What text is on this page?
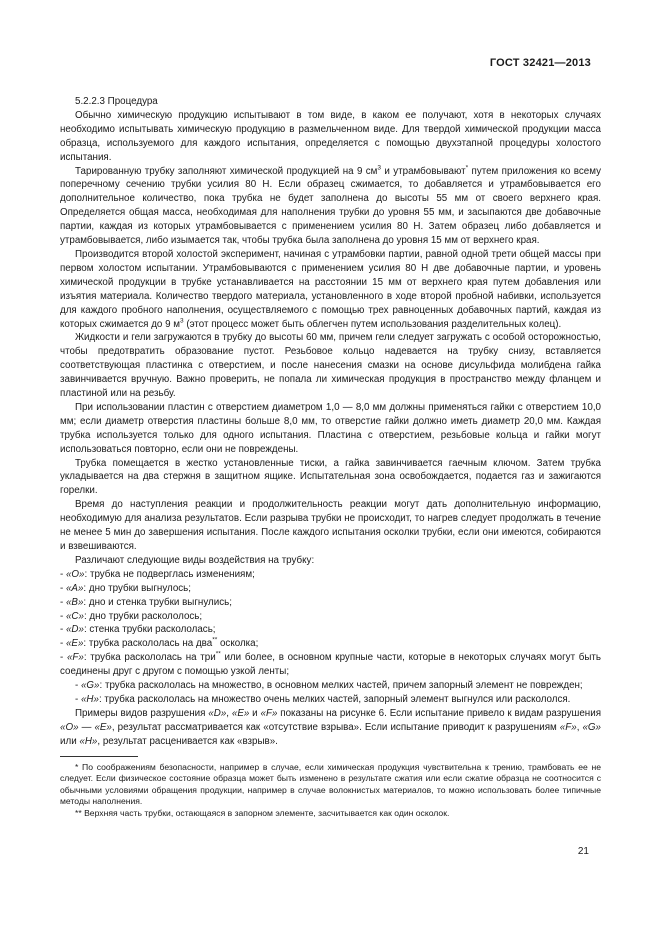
ГОСТ 32421—2013

5.2.2.3 Процедура

Обычно химическую продукцию испытывают в том виде, в каком ее получают, хотя в некоторых случаях необходимо испытывать химическую продукцию в размельченном виде. Для твердой химической продукции масса образца, используемого для каждого испытания, определяется с помощью двухэтапной процедуры холостого испытания.

Тарированную трубку заполняют химической продукцией на 9 $см^3$ и утрамбовывают* путем приложения ко всему поперечному сечению трубки усилия 80 Н. Если образец сжимается, то добавляется и утрамбовывается его дополнительное количество, пока трубка не будет заполнена до высоты 55 мм от своего верхнего края. Определяется общая масса, необходимая для наполнения трубки до уровня 55 мм, и засыпаются две добавочные партии, каждая из которых утрамбовывается с применением усилия 80 Н. Затем образец либо добавляется и утрамбовывается, либо изымается так, чтобы трубка была заполнена до уровня 15 мм от верхнего края.

Производится второй холостой эксперимент, начиная с утрамбовки партии, равной одной трети общей массы при первом холостом испытании. Утрамбовываются с применением усилия 80 Н две добавочные партии, и уровень химической продукции в трубке устанавливается на расстоянии 15 мм от верхнего края путем добавления или изъятия материала. Количество твердого материала, установленного в ходе второй пробной набивки, используется для каждого пробного наполнения, осуществляемого с помощью трех равноценных добавочных партий, каждая из которых сжимается до 9 $м^3$ (этот процесс может быть облегчен путем использования разделительных колец).

Жидкости и гели загружаются в трубку до высоты 60 мм, причем гели следует загружать с особой осторожностью, чтобы предотвратить образование пустот. Резьбовое кольцо надевается на трубку снизу, вставляется соответствующая пластинка с отверстием, и после нанесения смазки на основе дисульфида молибдена гайка завинчивается вручную. Важно проверить, не попала ли химическая продукция в пространство между фланцем и пластиной или на резьбу.

При использовании пластин с отверстием диаметром 1,0 — 8,0 мм должны применяться гайки с отверстием 10,0 мм; если диаметр отверстия пластины больше 8,0 мм, то отверстие гайки должно иметь диаметр 20,0 мм. Каждая трубка используется только для одного испытания. Пластина с отверстием, резьбовые кольца и гайки могут использоваться повторно, если они не повреждены.

Трубка помещается в жестко установленные тиски, а гайка завинчивается гаечным ключом. Затем трубка укладывается на два стержня в защитном ящике. Испытательная зона освобождается, подается газ и зажигаются горелки.

Время до наступления реакции и продолжительность реакции могут дать дополнительную информацию, необходимую для анализа результатов. Если разрыва трубки не происходит, то нагрев следует продолжать в течение не менее 5 мин до завершения испытания. После каждого испытания осколки трубки, если они имеются, собираются и взвешиваются.

Различают следующие виды воздействия на трубку:

- «О»: трубка не подверглась изменениям;

- «А»: дно трубки выгнулось;

- «В»: дно и стенка трубки выгнулись;

- «С»: дно трубки раскололось;

- «D»: стенка трубки раскололась;

- «Е»: трубка раскололась на два** осколка;

- «F»: трубка раскололась на три** или более, в основном крупные части, которые в некоторых случаях могут быть соединены друг с другом с помощью узкой ленты;

- «G»: трубка раскололась на множество, в основном мелких частей, причем запорный элемент не поврежден;

- «Н»: трубка раскололась на множество очень мелких частей, запорный элемент выгнулся или раскололся.

Примеры видов разрушения «D», «Е» и «F» показаны на рисунке 6. Если испытание привело к видам разрушения «О» — «Е», результат рассматривается как «отсутствие взрыва». Если испытание приводит к разрушениям «F», «G» или «Н», результат расценивается как «взрыв».

* По соображениям безопасности, например в случае, если химическая продукция чувствительна к трению, трамбовать ее не следует. Если физическое состояние образца может быть изменено в результате сжатия или если сжатие образца не соотносится с обычными условиями обращения продукции, например в случае волокнистых материалов, то можно использовать более типичные методы наполнения.

** Верхняя часть трубки, остающаяся в запорном элементе, засчитывается как один осколок.

21
